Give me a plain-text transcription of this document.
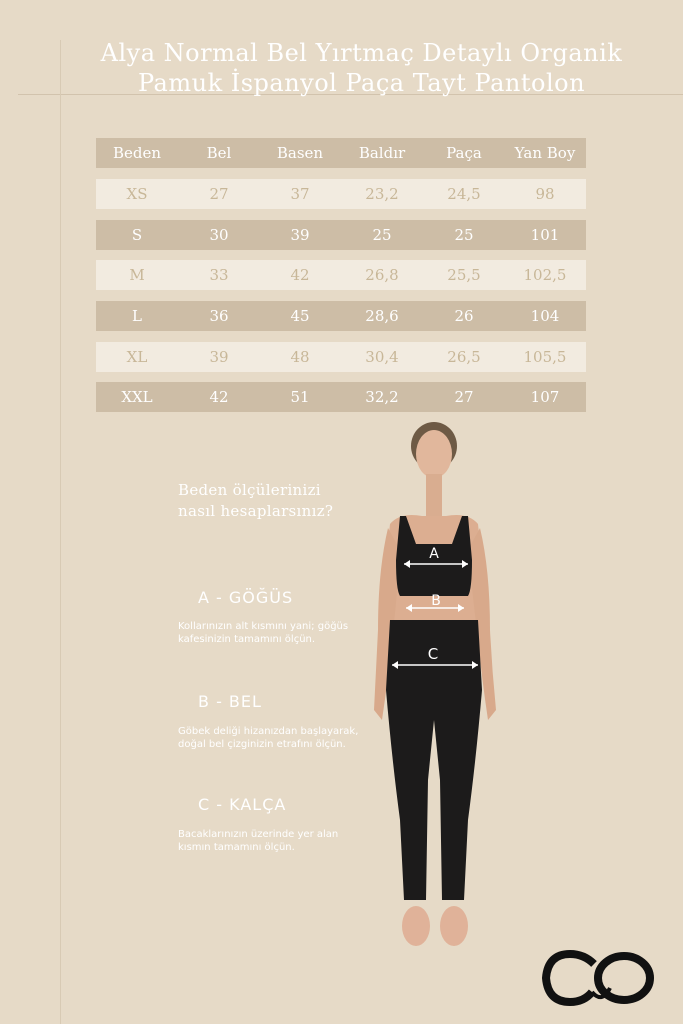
Alya Normal Bel Yırtmaç Detaylı Organik
Pamuk İspanyol Paça Tayt Pantolon
Beden	Bel	Basen	Baldır	Paça	Yan Boy
XS	27	37	23,2	24,5	98
S	30	39	25	25	101
M	33	42	26,8	25,5	102,5
L	36	45	28,6	26	104
XL	39	48	30,4	26,5	105,5
XXL	42	51	32,2	27	107
Beden ölçülerinizi
nasıl hesaplarsınız?
A - GÖĞÜS
Kollarınızın alt kısmını yani; göğüs kafesinizin tamamını ölçün.
B - BEL
Göbek deliği hizanızdan başlayarak, doğal bel çizginizin etrafını ölçün.
C - KALÇA
Bacaklarınızın üzerinde yer alan kısmın tamamını ölçün.
A
B
C
